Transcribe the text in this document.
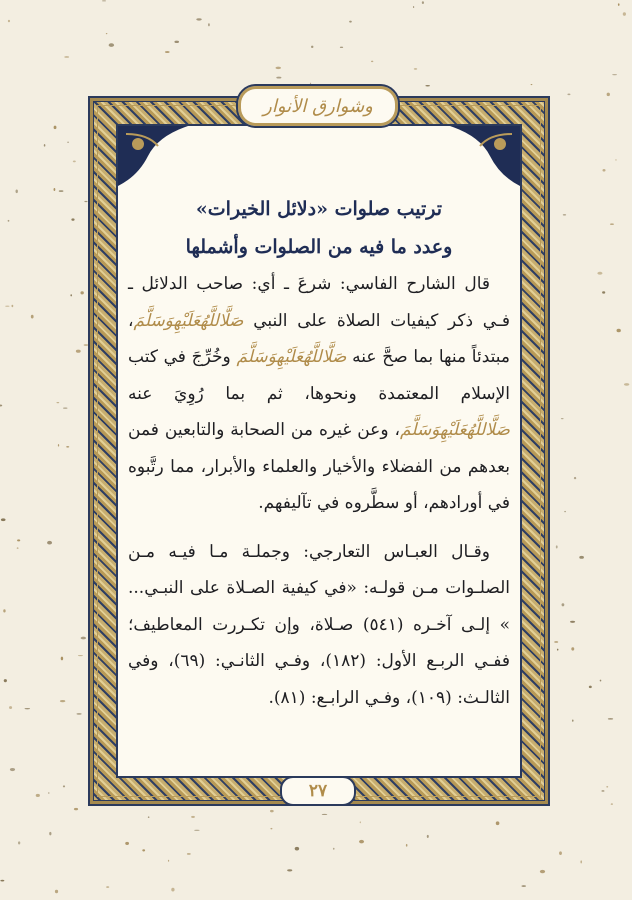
وشوارق الأنوار

ترتيب صلوات «دلائل الخيرات»

وعدد ما فيه من الصلوات وأشملها

قال الشارح الفاسي: شرعَ ـ أي: صاحب الدلائل ـ فـي ذكر كيفيات الصلاة على النبي صَلَّاللَّهُعَلَيْهِوَسَلَّمَ، مبتدئاً منها بما صحَّ عنه صَلَّاللَّهُعَلَيْهِوَسَلَّمَ وخُرِّجَ في كتب الإسلام المعتمدة ونحوها، ثم بما رُوِيَ عنه صَلَّاللَّهُعَلَيْهِوَسَلَّمَ، وعن غيره من الصحابة والتابعين فمن بعدهم من الفضلاء والأخيار والعلماء والأبرار، مما رتَّبوه في أورادهم، أو سطَّروه في تآليفهم.

وقـال العبـاس التعارجي: وجملـة مـا فيـه مـن الصلـوات مـن قولـه: «في كيفية الصـلاة على النبـي... » إلـى آخـره (٥٤١) صـلاة، وإن تكـررت المعاطيف؛ ففـي الربـع الأول: (١٨٢)، وفـي الثانـي: (٦٩)، وفي الثالـث: (١٠٩)، وفـي الرابـع: (٨١).

٢٧
